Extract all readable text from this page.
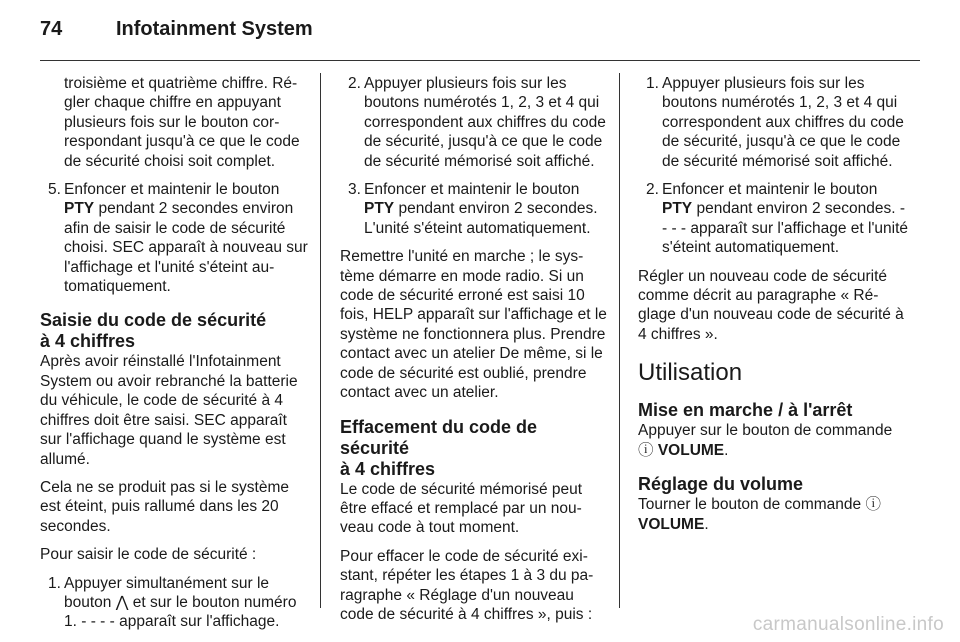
74	Infotainment System
troisième et quatrième chiffre. Régler chaque chiffre en appuyant plusieurs fois sur le bouton correspondant jusqu'à ce que le code de sécurité choisi soit complet.
5. Enfoncer et maintenir le bouton PTY pendant 2 secondes environ afin de saisir le code de sécurité choisi. SEC apparaît à nouveau sur l'affichage et l'unité s'éteint automatiquement.
Saisie du code de sécurité
à 4 chiffres

Après avoir réinstallé l'Infotainment System ou avoir rebranché la batterie du véhicule, le code de sécurité à 4 chiffres doit être saisi. SEC apparaît sur l'affichage quand le système est allumé.

Cela ne se produit pas si le système est éteint, puis rallumé dans les 20 secondes.

Pour saisir le code de sécurité :

1. Appuyer simultanément sur le bouton ⋀ et sur le bouton numéro 1. - - - - apparaît sur l'affichage.
2. Appuyer plusieurs fois sur les boutons numérotés 1, 2, 3 et 4 qui correspondent aux chiffres du code de sécurité, jusqu'à ce que le code de sécurité mémorisé soit affiché.
3. Enfoncer et maintenir le bouton PTY pendant environ 2 secondes. L'unité s'éteint automatiquement.

Remettre l'unité en marche ; le système démarre en mode radio. Si un code de sécurité erroné est saisi 10 fois, HELP apparaît sur l'affichage et le système ne fonctionnera plus. Prendre contact avec un atelier De même, si le code de sécurité est oublié, prendre contact avec un atelier.

Effacement du code de sécurité
à 4 chiffres

Le code de sécurité mémorisé peut être effacé et remplacé par un nouveau code à tout moment.

Pour effacer le code de sécurité existant, répéter les étapes 1 à 3 du paragraphe « Réglage d'un nouveau code de sécurité à 4 chiffres », puis :

1. Appuyer plusieurs fois sur les boutons numérotés 1, 2, 3 et 4 qui correspondent aux chiffres du code de sécurité, jusqu'à ce que le code de sécurité mémorisé soit affiché.
2. Enfoncer et maintenir le bouton PTY pendant environ 2 secondes. - - - - apparaît sur l'affichage et l'unité s'éteint automatiquement.

Régler un nouveau code de sécurité comme décrit au paragraphe « Réglage d'un nouveau code de sécurité à 4 chiffres ».

Utilisation
Mise en marche / à l'arrêt

Appuyer sur le bouton de commande ⓘ VOLUME.

Réglage du volume

Tourner le bouton de commande ⓘ
VOLUME.

carmanualsonline.info
